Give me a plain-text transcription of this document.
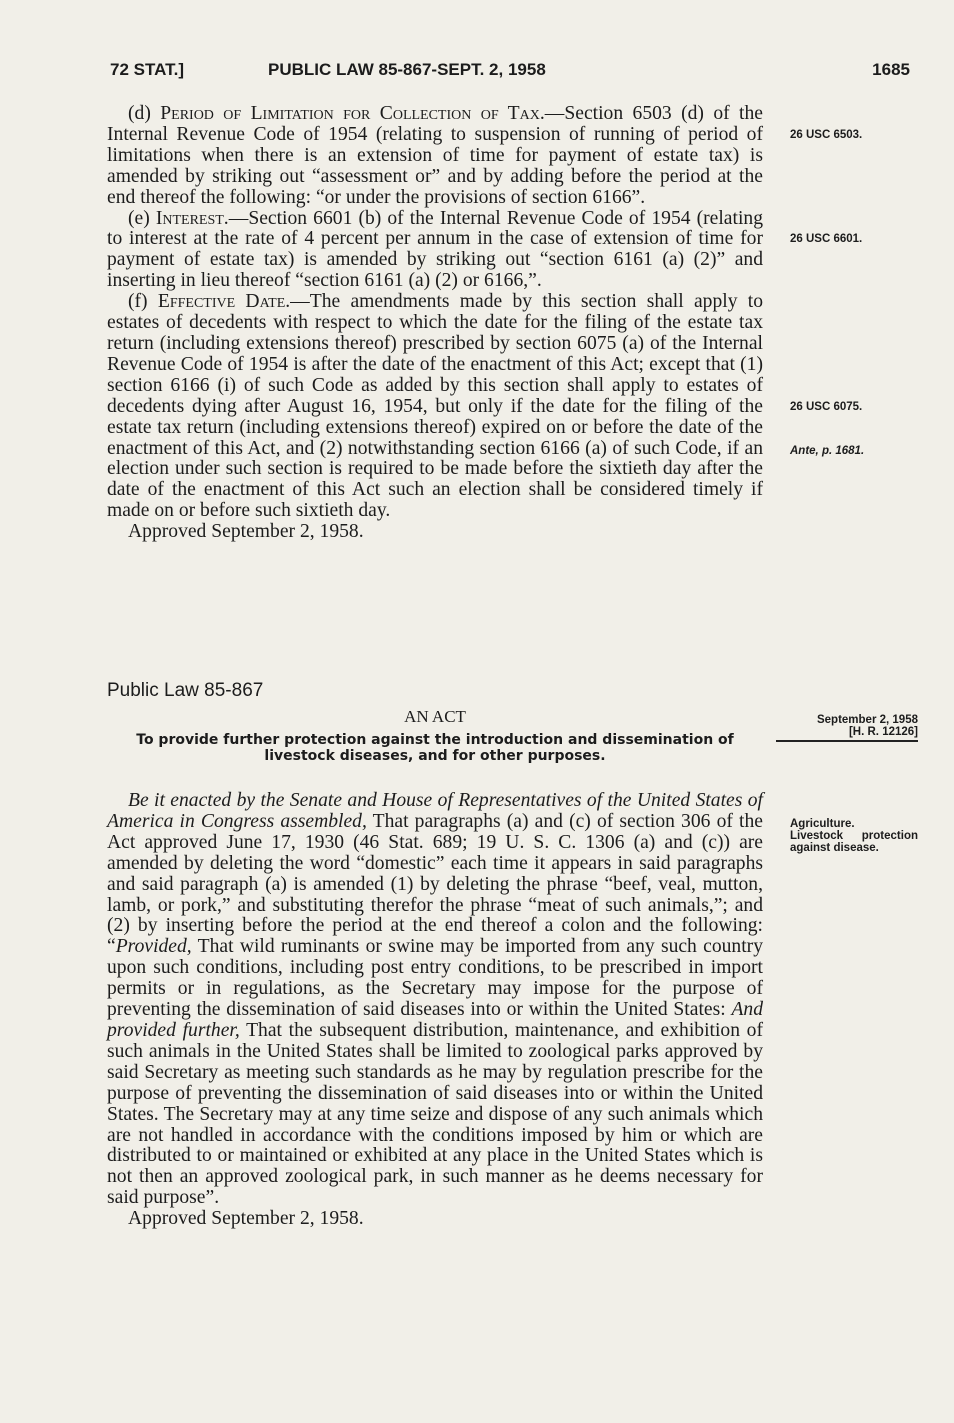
72 STAT.]	PUBLIC LAW 85-867-SEPT. 2, 1958	1685

(d) Period of Limitation for Collection of Tax.—Section 6503 (d) of the Internal Revenue Code of 1954 (relating to suspension of running of period of limitations when there is an extension of time for payment of estate tax) is amended by striking out “assessment or” and by adding before the period at the end thereof the following: “or under the provisions of section 6166”.

(e) Interest.—Section 6601 (b) of the Internal Revenue Code of 1954 (relating to interest at the rate of 4 percent per annum in the case of extension of time for payment of estate tax) is amended by striking out “section 6161 (a) (2)” and inserting in lieu thereof “section 6161 (a) (2) or 6166,”.

(f) Effective Date.—The amendments made by this section shall apply to estates of decedents with respect to which the date for the filing of the estate tax return (including extensions thereof) prescribed by section 6075 (a) of the Internal Revenue Code of 1954 is after the date of the enactment of this Act; except that (1) section 6166 (i) of such Code as added by this section shall apply to estates of decedents dying after August 16, 1954, but only if the date for the filing of the estate tax return (including extensions thereof) expired on or before the date of the enactment of this Act, and (2) notwithstanding section 6166 (a) of such Code, if an election under such section is required to be made before the sixtieth day after the date of the enactment of this Act such an election shall be considered timely if made on or before such sixtieth day.

Approved September 2, 1958.

26 USC 6503.
26 USC 6601.
26 USC 6075.
Ante, p. 1681.
Public Law 85-867
AN ACT
To provide further protection against the introduction and dissemination of
livestock diseases, and for other purposes.
September 2, 1958
[H. R. 12126]

Be it enacted by the Senate and House of Representatives of the United States of America in Congress assembled, That paragraphs (a) and (c) of section 306 of the Act approved June 17, 1930 (46 Stat. 689; 19 U. S. C. 1306 (a) and (c)) are amended by deleting the word “domestic” each time it appears in said paragraphs and said paragraph (a) is amended (1) by deleting the phrase “beef, veal, mutton, lamb, or pork,” and substituting therefor the phrase “meat of such animals,”; and (2) by inserting before the period at the end thereof a colon and the following: “Provided, That wild ruminants or swine may be imported from any such country upon such conditions, including post entry conditions, to be prescribed in import permits or in regulations, as the Secretary may impose for the purpose of preventing the dissemination of said diseases into or within the United States: And provided further, That the subsequent distribution, maintenance, and exhibition of such animals in the United States shall be limited to zoological parks approved by said Secretary as meeting such standards as he may by regulation prescribe for the purpose of preventing the dissemination of said diseases into or within the United States. The Secretary may at any time seize and dispose of any such animals which are not handled in accordance with the conditions imposed by him or which are distributed to or maintained or exhibited at any place in the United States which is not then an approved zoological park, in such manner as he deems necessary for said purpose”.

Approved September 2, 1958.

Agriculture.
Livestock protection against disease.
